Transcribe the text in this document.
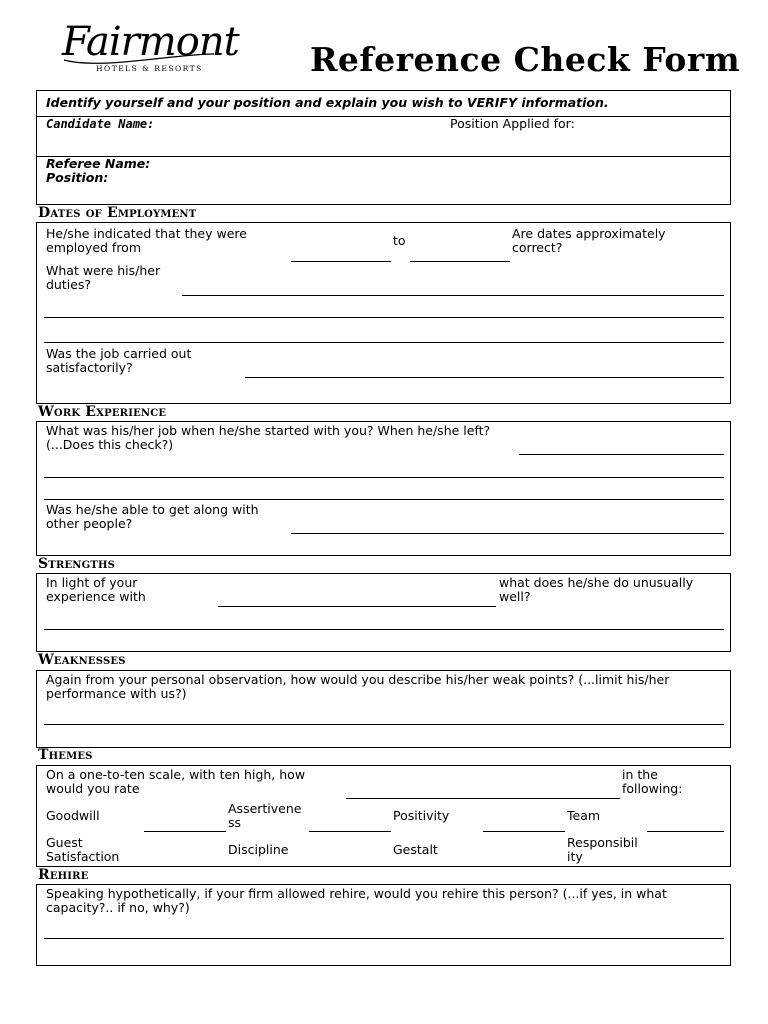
Fairmont
HOTELS & RESORTS	Reference Check Form
Identify yourself and your position and explain you wish to VERIFY information.
Candidate Name:	Position Applied for:
Referee Name:
Position:
Dates of Employment
He/she indicated that they were employed from	to	Are dates approximately correct?
What were his/her duties?
Was the job carried out satisfactorily?
Work Experience
What was his/her job when he/she started with you? When he/she left? (...Does this check?)
Was he/she able to get along with other people?
Strengths
In light of your experience with
what does he/she do unusually well?
Weaknesses
Again from your personal observation, how would you describe his/her weak points? (...limit his/her performance with us?)
Themes
On a one-to-ten scale, with ten high, how would you rate
in the following:
Goodwill	Assertivene ss	Positivity	Team
Guest Satisfaction	Discipline	Gestalt	Responsibil ity
Rehire
Speaking hypothetically, if your firm allowed rehire, would you rehire this person? (...if yes, in what capacity?.. if no, why?)
